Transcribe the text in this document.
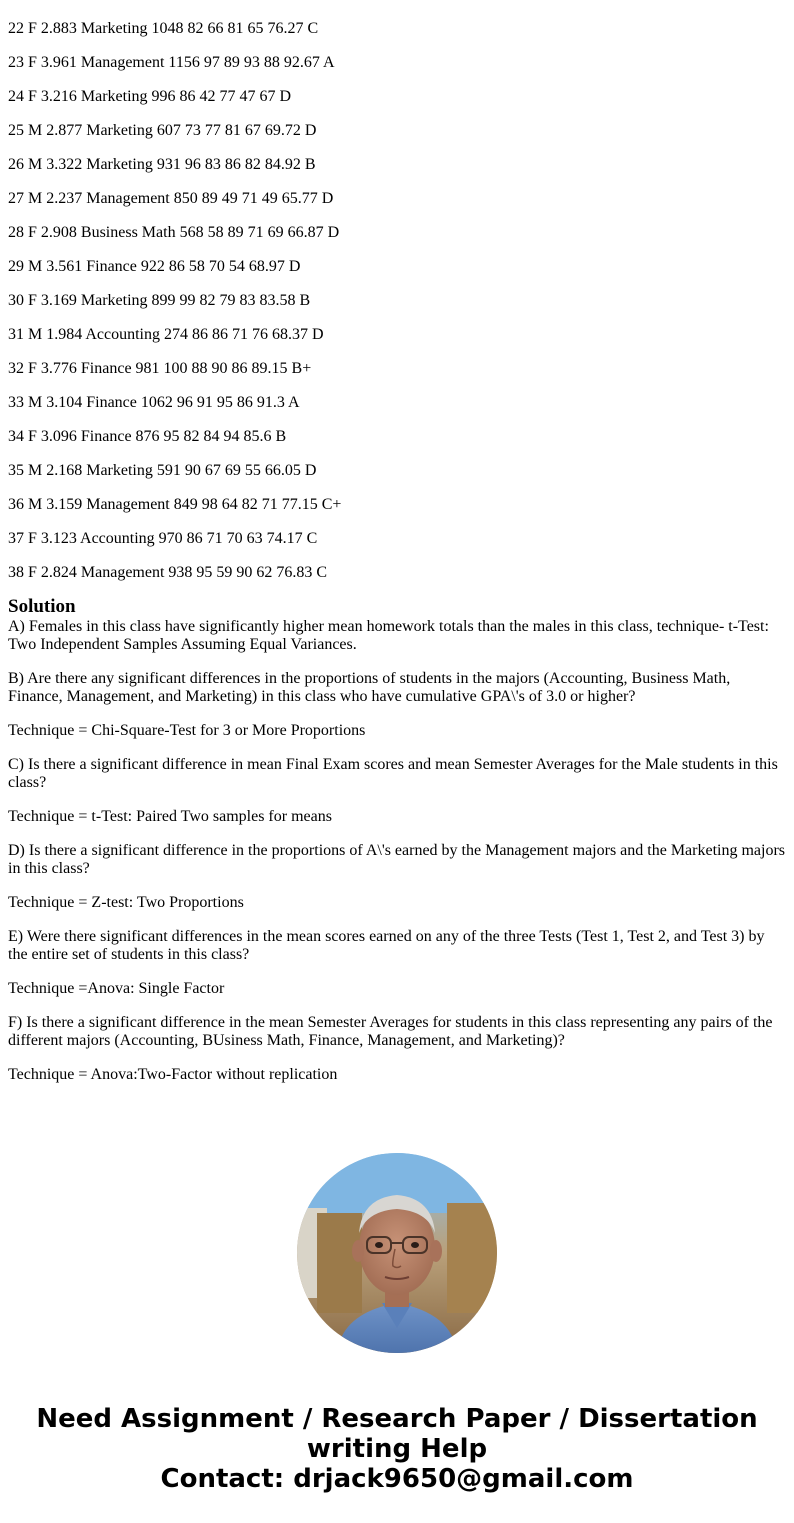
22 F 2.883 Marketing 1048 82 66 81 65 76.27 C

23 F 3.961 Management 1156 97 89 93 88 92.67 A

24 F 3.216 Marketing 996 86 42 77 47 67 D

25 M 2.877 Marketing 607 73 77 81 67 69.72 D

26 M 3.322 Marketing 931 96 83 86 82 84.92 B

27 M 2.237 Management 850 89 49 71 49 65.77 D

28 F 2.908 Business Math 568 58 89 71 69 66.87 D

29 M 3.561 Finance 922 86 58 70 54 68.97 D

30 F 3.169 Marketing 899 99 82 79 83 83.58 B

31 M 1.984 Accounting 274 86 86 71 76 68.37 D

32 F 3.776 Finance 981 100 88 90 86 89.15 B+

33 M 3.104 Finance 1062 96 91 95 86 91.3 A

34 F 3.096 Finance 876 95 82 84 94 85.6 B

35 M 2.168 Marketing 591 90 67 69 55 66.05 D

36 M 3.159 Management 849 98 64 82 71 77.15 C+

37 F 3.123 Accounting 970 86 71 70 63 74.17 C

38 F 2.824 Management 938 95 59 90 62 76.83 C

Solution

A) Females in this class have significantly higher mean homework totals than the males in this class, technique- t-Test: Two Independent Samples Assuming Equal Variances.

B) Are there any significant differences in the proportions of students in the majors (Accounting, Business Math, Finance, Management, and Marketing) in this class who have cumulative GPA\'s of 3.0 or higher?

Technique = Chi-Square-Test for 3 or More Proportions

C) Is there a significant difference in mean Final Exam scores and mean Semester Averages for the Male students in this class?

Technique = t-Test: Paired Two samples for means

D) Is there a significant difference in the proportions of A\'s earned by the Management majors and the Marketing majors in this class?

Technique = Z-test: Two Proportions

E) Were there significant differences in the mean scores earned on any of the three Tests (Test 1, Test 2, and Test 3) by the entire set of students in this class?

Technique =Anova: Single Factor

F) Is there a significant difference in the mean Semester Averages for students in this class representing any pairs of the different majors (Accounting, BUsiness Math, Finance, Management, and Marketing)?

Technique = Anova:Two-Factor without replication

Need Assignment / Research Paper / Dissertation
writing Help
Contact: drjack9650@gmail.com
